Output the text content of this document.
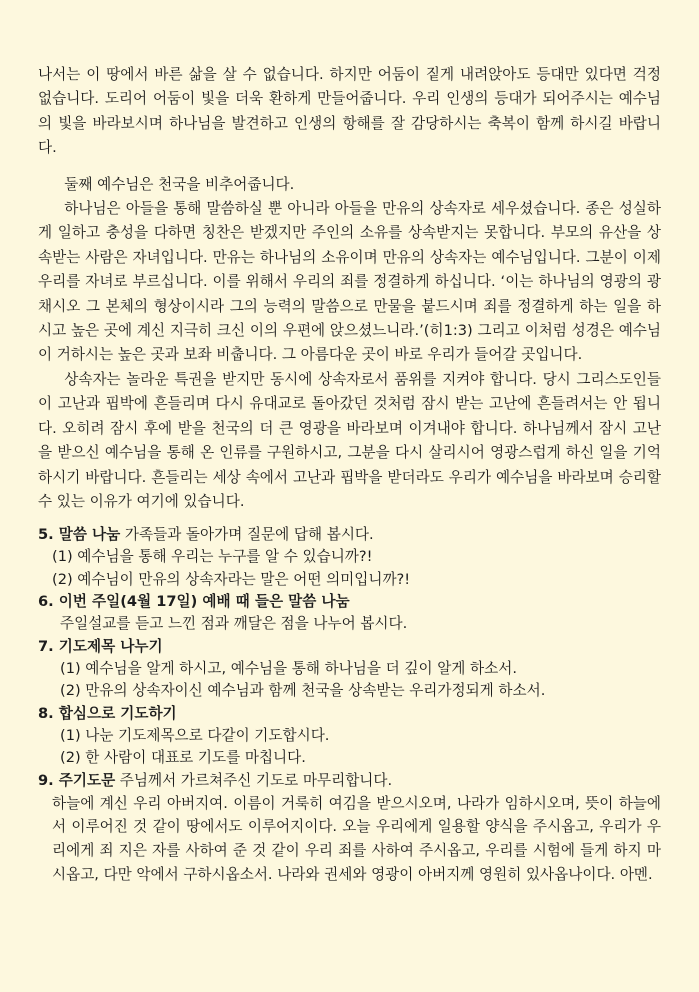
나서는 이 땅에서 바른 삶을 살 수 없습니다. 하지만 어둠이 짙게 내려앉아도 등대만 있다면 걱정 없습니다. 도리어 어둠이 빛을 더욱 환하게 만들어줍니다. 우리 인생의 등대가 되어주시는 예수님의 빛을 바라보시며 하나님을 발견하고 인생의 항해를 잘 감당하시는 축복이 함께 하시길 바랍니다.

둘째 예수님은 천국을 비추어줍니다.

하나님은 아들을 통해 말씀하실 뿐 아니라 아들을 만유의 상속자로 세우셨습니다. 종은 성실하게 일하고 충성을 다하면 칭찬은 받겠지만 주인의 소유를 상속받지는 못합니다. 부모의 유산을 상속받는 사람은 자녀입니다. 만유는 하나님의 소유이며 만유의 상속자는 예수님입니다. 그분이 이제 우리를 자녀로 부르십니다. 이를 위해서 우리의 죄를 정결하게 하십니다. ‘이는 하나님의 영광의 광채시오 그 본체의 형상이시라 그의 능력의 말씀으로 만물을 붙드시며 죄를 정결하게 하는 일을 하시고 높은 곳에 계신 지극히 크신 이의 우편에 앉으셨느니라.’(히1:3) 그리고 이처럼 성경은 예수님이 거하시는 높은 곳과 보좌 비춥니다. 그 아름다운 곳이 바로 우리가 들어갈 곳입니다.

상속자는 놀라운 특권을 받지만 동시에 상속자로서 품위를 지켜야 합니다. 당시 그리스도인들이 고난과 핍박에 흔들리며 다시 유대교로 돌아갔던 것처럼 잠시 받는 고난에 흔들려서는 안 됩니다. 오히려 잠시 후에 받을 천국의 더 큰 영광을 바라보며 이겨내야 합니다. 하나님께서 잠시 고난을 받으신 예수님을 통해 온 인류를 구원하시고, 그분을 다시 살리시어 영광스럽게 하신 일을 기억하시기 바랍니다. 흔들리는 세상 속에서 고난과 핍박을 받더라도 우리가 예수님을 바라보며 승리할 수 있는 이유가 여기에 있습니다.

5. 말씀 나눔 가족들과 돌아가며 질문에 답해 봅시다.

(1) 예수님을 통해 우리는 누구를 알 수 있습니까?!

(2) 예수님이 만유의 상속자라는 말은 어떤 의미입니까?!

6. 이번 주일(4월 17일) 예배 때 들은 말씀 나눔

주일설교를 듣고 느낀 점과 깨달은 점을 나누어 봅시다.

7. 기도제목 나누기

(1) 예수님을 알게 하시고, 예수님을 통해 하나님을 더 깊이 알게 하소서.

(2) 만유의 상속자이신 예수님과 함께 천국을 상속받는 우리가정되게 하소서.

8. 합심으로 기도하기

(1) 나눈 기도제목으로 다같이 기도합시다.

(2) 한 사람이 대표로 기도를 마칩니다.

9. 주기도문 주님께서 가르쳐주신 기도로 마무리합니다.

하늘에 계신 우리 아버지여. 이름이 거룩히 여김을 받으시오며, 나라가 임하시오며, 뜻이 하늘에서 이루어진 것 같이 땅에서도 이루어지이다. 오늘 우리에게 일용할 양식을 주시옵고, 우리가 우리에게 죄 지은 자를 사하여 준 것 같이 우리 죄를 사하여 주시옵고, 우리를 시험에 들게 하지 마시옵고, 다만 악에서 구하시옵소서. 나라와 권세와 영광이 아버지께 영원히 있사옵나이다. 아멘.
